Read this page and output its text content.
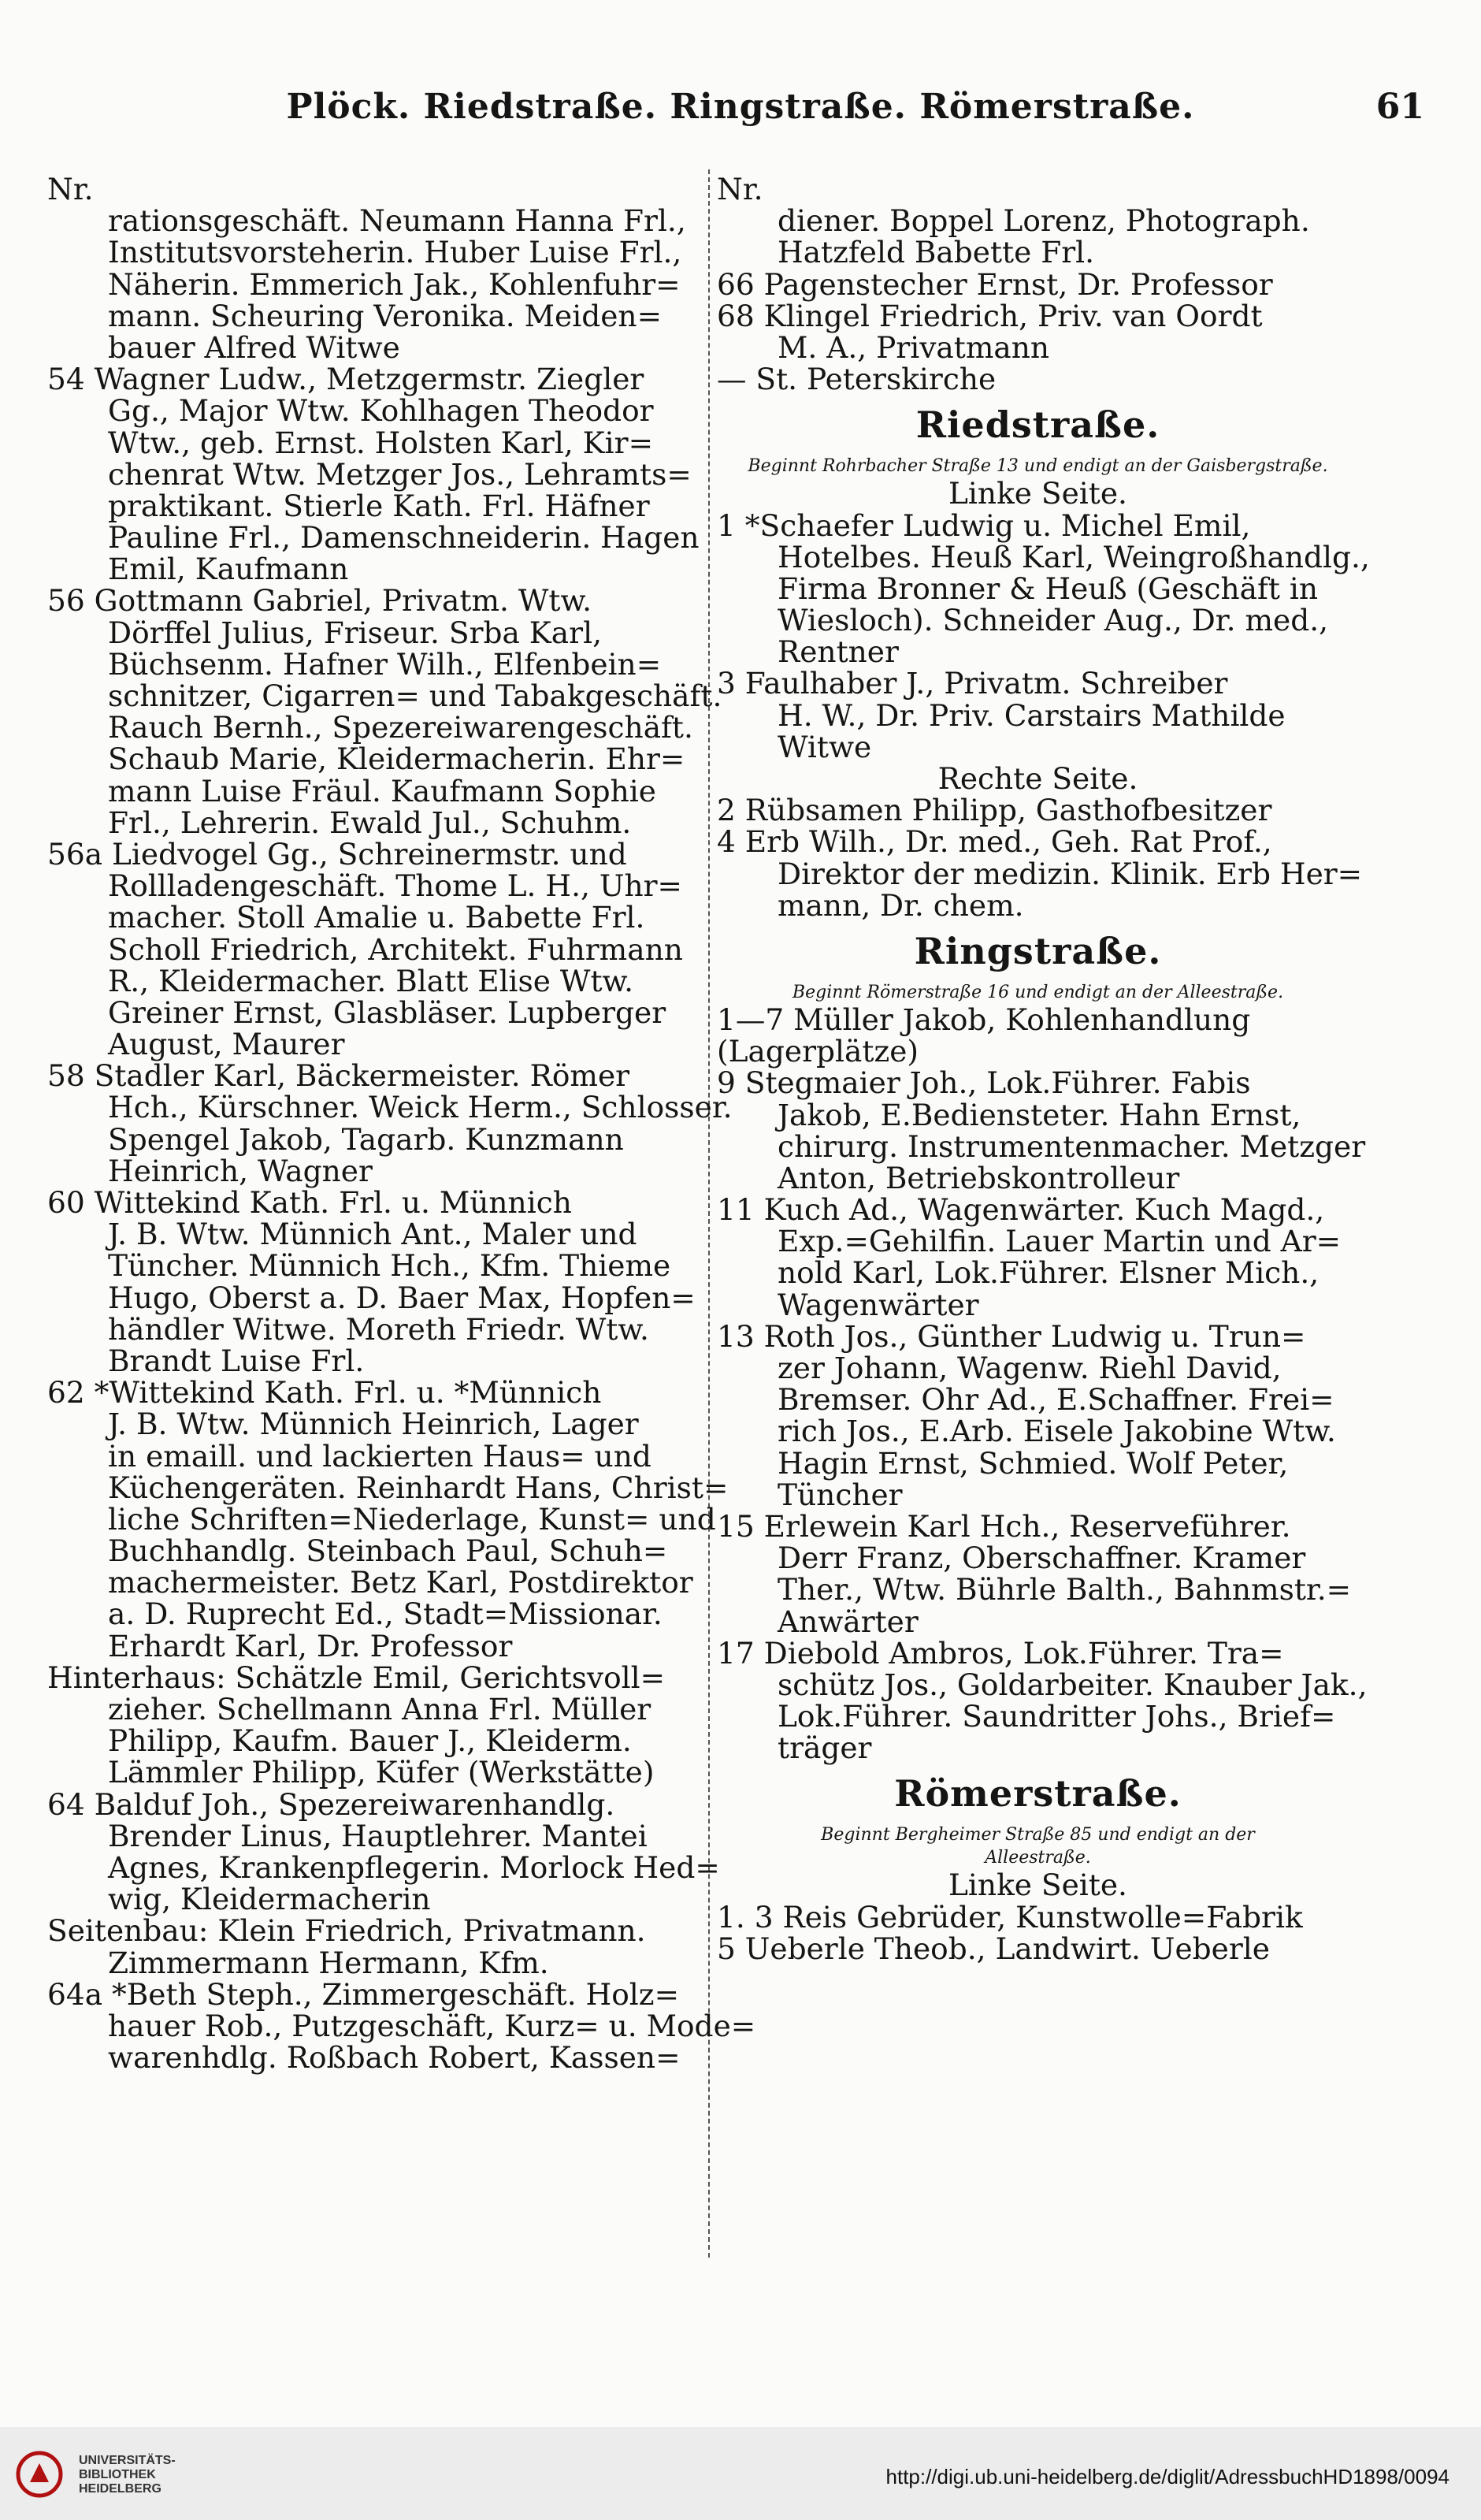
Plöck. Riedstraße. Ringstraße. Römerstraße.	61
Nr.
rationsgeschäft. Neumann Hanna Frl.,
Institutsvorsteherin. Huber Luise Frl.,
Näherin. Emmerich Jak., Kohlenfuhr=
mann. Scheuring Veronika. Meiden=
bauer Alfred Witwe
54 Wagner Ludw., Metzgermstr. Ziegler
Gg., Major Wtw. Kohlhagen Theodor
Wtw., geb. Ernst. Holsten Karl, Kir=
chenrat Wtw. Metzger Jos., Lehramts=
praktikant. Stierle Kath. Frl. Häfner
Pauline Frl., Damenschneiderin. Hagen
Emil, Kaufmann
56 Gottmann Gabriel, Privatm. Wtw.
Dörffel Julius, Friseur. Srba Karl,
Büchsenm. Hafner Wilh., Elfenbein=
schnitzer, Cigarren= und Tabakgeschäft.
Rauch Bernh., Spezereiwarengeschäft.
Schaub Marie, Kleidermacherin. Ehr=
mann Luise Fräul. Kaufmann Sophie
Frl., Lehrerin. Ewald Jul., Schuhm.
56a Liedvogel Gg., Schreinermstr. und
Rollladengeschäft. Thome L. H., Uhr=
macher. Stoll Amalie u. Babette Frl.
Scholl Friedrich, Architekt. Fuhrmann
R., Kleidermacher. Blatt Elise Wtw.
Greiner Ernst, Glasbläser. Lupberger
August, Maurer
58 Stadler Karl, Bäckermeister. Römer
Hch., Kürschner. Weick Herm., Schlosser.
Spengel Jakob, Tagarb. Kunzmann
Heinrich, Wagner
60 Wittekind Kath. Frl. u. Münnich
J. B. Wtw. Münnich Ant., Maler und
Tüncher. Münnich Hch., Kfm. Thieme
Hugo, Oberst a. D. Baer Max, Hopfen=
händler Witwe. Moreth Friedr. Wtw.
Brandt Luise Frl.
62 *Wittekind Kath. Frl. u. *Münnich
J. B. Wtw. Münnich Heinrich, Lager
in emaill. und lackierten Haus= und
Küchengeräten. Reinhardt Hans, Christ=
liche Schriften=Niederlage, Kunst= und
Buchhandlg. Steinbach Paul, Schuh=
machermeister. Betz Karl, Postdirektor
a. D. Ruprecht Ed., Stadt=Missionar.
Erhardt Karl, Dr. Professor
Hinterhaus: Schätzle Emil, Gerichtsvoll=
zieher. Schellmann Anna Frl. Müller
Philipp, Kaufm. Bauer J., Kleiderm.
Lämmler Philipp, Küfer (Werkstätte)
64 Balduf Joh., Spezereiwarenhandlg.
Brender Linus, Hauptlehrer. Mantei
Agnes, Krankenpflegerin. Morlock Hed=
wig, Kleidermacherin
Seitenbau: Klein Friedrich, Privatmann.
Zimmermann Hermann, Kfm.
64a *Beth Steph., Zimmergeschäft. Holz=
hauer Rob., Putzgeschäft, Kurz= u. Mode=
warenhdlg. Roßbach Robert, Kassen=
Nr.
diener. Boppel Lorenz, Photograph.
Hatzfeld Babette Frl.
66 Pagenstecher Ernst, Dr. Professor
68 Klingel Friedrich, Priv. van Oordt
M. A., Privatmann
— St. Peterskirche
Riedstraße.
Beginnt Rohrbacher Straße 13 und endigt an der Gaisbergstraße.
Linke Seite.
1 *Schaefer Ludwig u. Michel Emil,
Hotelbes. Heuß Karl, Weingroßhandlg.,
Firma Bronner & Heuß (Geschäft in
Wiesloch). Schneider Aug., Dr. med.,
Rentner
3 Faulhaber J., Privatm. Schreiber
H. W., Dr. Priv. Carstairs Mathilde
Witwe
Rechte Seite.
2 Rübsamen Philipp, Gasthofbesitzer
4 Erb Wilh., Dr. med., Geh. Rat Prof.,
Direktor der medizin. Klinik. Erb Her=
mann, Dr. chem.
Ringstraße.
Beginnt Römerstraße 16 und endigt an der Alleestraße.
1—7 Müller Jakob, Kohlenhandlung
(Lagerplätze)
9 Stegmaier Joh., Lok.Führer. Fabis
Jakob, E.Bediensteter. Hahn Ernst,
chirurg. Instrumentenmacher. Metzger
Anton, Betriebskontrolleur
11 Kuch Ad., Wagenwärter. Kuch Magd.,
Exp.=Gehilfin. Lauer Martin und Ar=
nold Karl, Lok.Führer. Elsner Mich.,
Wagenwärter
13 Roth Jos., Günther Ludwig u. Trun=
zer Johann, Wagenw. Riehl David,
Bremser. Ohr Ad., E.Schaffner. Frei=
rich Jos., E.Arb. Eisele Jakobine Wtw.
Hagin Ernst, Schmied. Wolf Peter,
Tüncher
15 Erlewein Karl Hch., Reserveführer.
Derr Franz, Oberschaffner. Kramer
Ther., Wtw. Bührle Balth., Bahnmstr.=
Anwärter
17 Diebold Ambros, Lok.Führer. Tra=
schütz Jos., Goldarbeiter. Knauber Jak.,
Lok.Führer. Saundritter Johs., Brief=
träger
Römerstraße.
Beginnt Bergheimer Straße 85 und endigt an der
Alleestraße.
Linke Seite.
1. 3 Reis Gebrüder, Kunstwolle=Fabrik
5 Ueberle Theob., Landwirt. Ueberle
UNIVERSITÄTS-
BIBLIOTHEK
HEIDELBERG
http://digi.ub.uni-heidelberg.de/diglit/AdressbuchHD1898/0094
